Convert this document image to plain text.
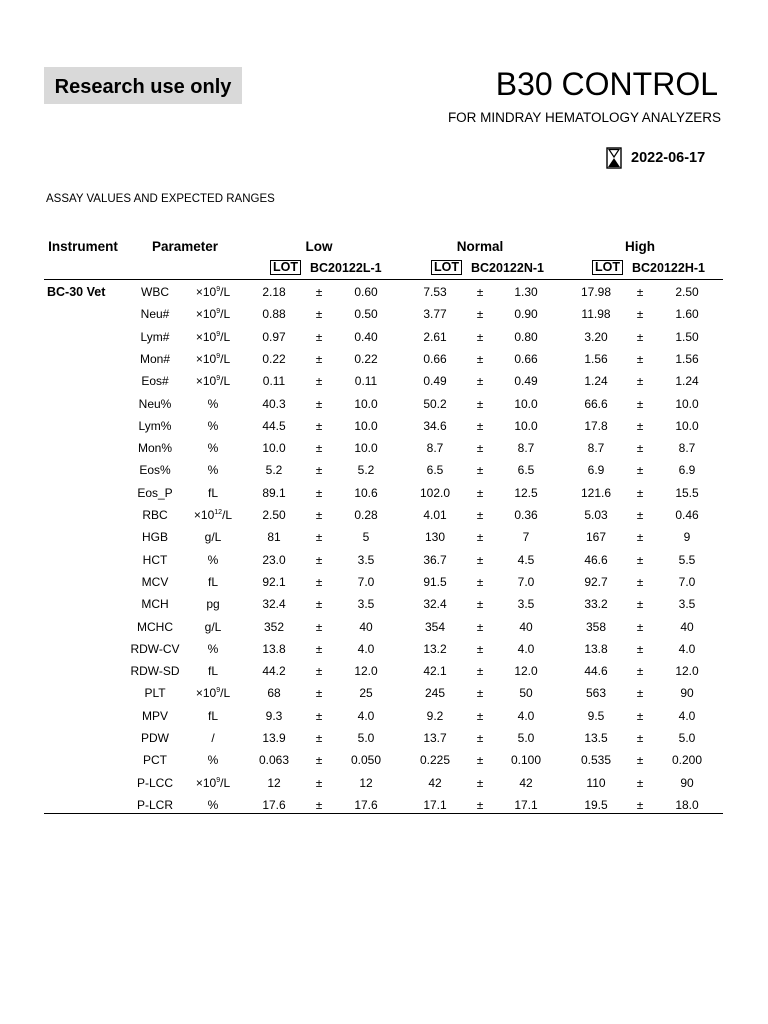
Research use only	B30 CONTROL
FOR MINDRAY HEMATOLOGY ANALYZERS
2022-06-17
ASSAY VALUES AND EXPECTED RANGES
Instrument	Parameter	Low	Normal	High
LOT BC20122L-1	LOT BC20122N-1	LOT BC20122H-1
BC-30 Vet	WBC $\times 10^9/L$	2.18	±	0.60	7.53	±	1.30	17.98 ±	2.50
Neu# $\times 10^9/L$	0.88	±	0.50	3.77	±	0.90	11.98 ±	1.60
Lym# $\times 10^9/L$	0.97	±	0.40	2.61	±	0.80	3.20 ±	1.50
Mon# $\times 10^9/L$	0.22	±	0.22	0.66	±	0.66	1.56 ±	1.56
Eos# $\times 10^9/L$	0.11	±	0.11	0.49	±	0.49	1.24 ±	1.24
Neu%	%	40.3	±	10.0	50.2	±	10.0	66.6 ±	10.0
Lym%	%	44.5	±	10.0	34.6	±	10.0	17.8 ±	10.0
Mon%	%	10.0	±	10.0	8.7	±	8.7	8.7	±	8.7
Eos%	%	5.2	±	5.2	6.5	±	6.5	6.9	±	6.9
Eos_P	fL	89.1	±	10.6	102.0 ±	12.5	121.6 ±	15.5
RBC $\times 10^{12}/L$	2.50	±	0.28	4.01	±	0.36	5.03 ±	0.46
HGB	g/L	81	±	5	130	±	7	167	±	9
HCT	%	23.0	±	3.5	36.7	±	4.5	46.6 ±	5.5
MCV	fL	92.1	±	7.0	91.5	±	7.0	92.7 ±	7.0
MCH	pg	32.4	±	3.5	32.4	±	3.5	33.2 ±	3.5
MCHC	g/L	352	±	40	354	±	40	358	±	40
RDW-CV %	13.8	±	4.0	13.2	±	4.0	13.8 ±	4.0
RDW-SD fL	44.2	±	12.0	42.1	±	12.0	44.6 ±	12.0
PLT	$\times 10^9/L$	68	±	25	245	±	50	563	±	90
MPV	fL	9.3	±	4.0	9.2	±	4.0	9.5	±	4.0
PDW	/	13.9	±	5.0	13.7	±	5.0	13.5 ±	5.0
PCT	%	0.063 ± 0.050	0.225 ± 0.100	0.535 ± 0.200
$P-LCC \times 10^9/L$	12	±	12	42	±	42	110	±	90
P-LCR	%	17.6	±	17.6	17.1	±	17.1	19.5 ±	18.0
